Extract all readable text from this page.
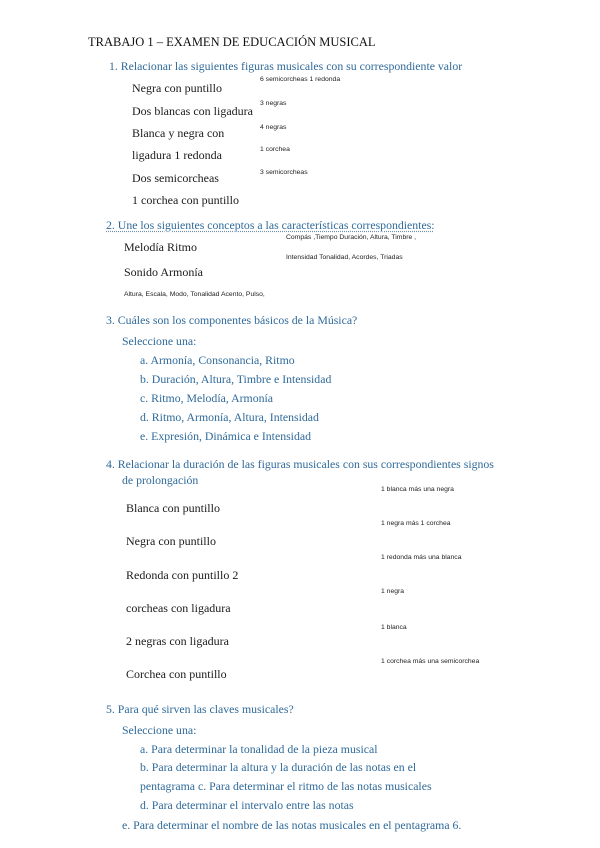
TRABAJO 1 – EXAMEN DE EDUCACIÓN MUSICAL
1. Relacionar las siguientes figuras musicales con su correspondiente valor
Negra con puntillo
Dos blancas con ligadura
Blanca y negra con
ligadura 1 redonda
Dos semicorcheas
1 corchea con puntillo
6 semicorcheas 1 redonda
3 negras
4 negras
1 corchea
3 semicorcheas
2. Une los siguientes conceptos a las características correspondientes:
Compás ,Tiempo Duración, Altura, Timbre ,
Melodía Ritmo
Intensidad Tonalidad, Acordes, Triadas
Sonido Armonía
Altura, Escala, Modo, Tonalidad Acento, Pulso,
3. Cuáles son los componentes básicos de la Música?
Seleccione una:
a. Armonía, Consonancia, Ritmo
b. Duración, Altura, Timbre e Intensidad
c. Ritmo, Melodía, Armonía
d. Ritmo, Armonía, Altura, Intensidad
e. Expresión, Dinámica e Intensidad
4. Relacionar la duración de las figuras musicales con sus correspondientes signos
de prolongación
1 blanca más una negra
Blanca con puntillo
1 negra más 1 corchea
Negra con puntillo
1 redonda más una blanca
Redonda con puntillo 2
1 negra
corcheas con ligadura
1 blanca
2 negras con ligadura
1 corchea más una semicorchea
Corchea con puntillo
5. Para qué sirven las claves musicales?
Seleccione una:
a. Para determinar la tonalidad de la pieza musical
b. Para determinar la altura y la duración de las notas en el
pentagrama c. Para determinar el ritmo de las notas musicales
d. Para determinar el intervalo entre las notas
e. Para determinar el nombre de las notas musicales en el pentagrama 6.
